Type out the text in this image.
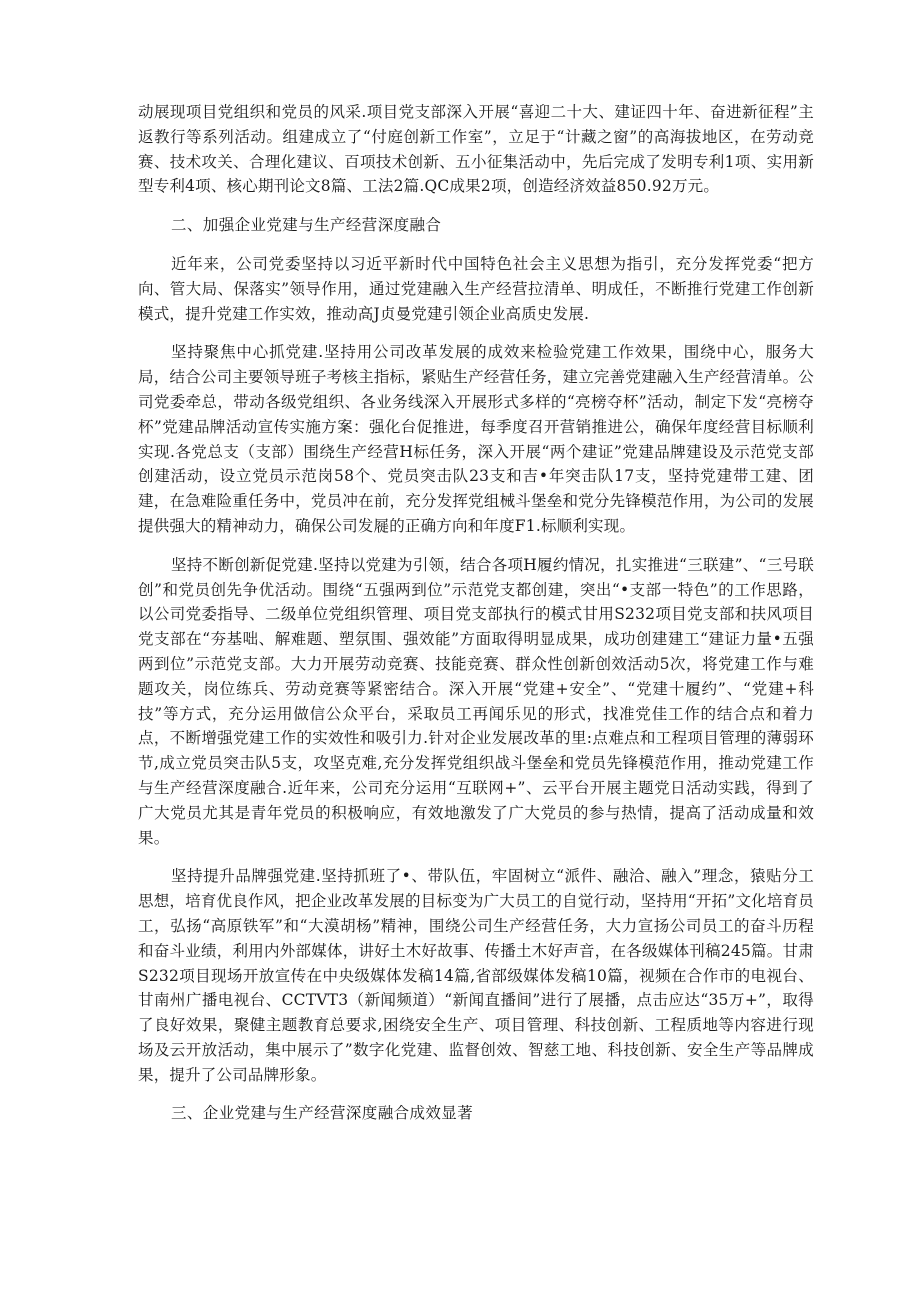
动展现项目党组织和党员的风采.项目党支部深入开展“喜迎二十大、建证四十年、奋进新征程”主返教行等系列活动。组建成立了“付庭创新工作室”，立足于“计藏之窗”的高海拔地区，在劳动竞赛、技术攻关、合理化建议、百项技术创新、五小征集活动中，先后完成了发明专利1项、实用新型专利4项、核心期刊论文8篇、工法2篇.QC成果2项，创造经济效益850.92万元。

二、加强企业党建与生产经营深度融合

近年来，公司党委坚持以习近平新时代中国特色社会主义思想为指引，充分发挥党委“把方向、管大局、保落实”领导作用，通过党建融入生产经营拉清单、明成任，不断推行党建工作创新模式，提升党建工作实效，推动高J贞曼党建引领企业高质史发展.

坚持聚焦中心抓党建.坚持用公司改革发展的成效来检验党建工作效果，围绕中心，服务大局，结合公司主要领导班子考核主指标，紧贴生产经营任务，建立完善党建融入生产经营清单。公司党委牵总，带动各级党组织、各业务线深入开展形式多样的“亮榜夺杯”活动，制定下发“亮榜夺杯”党建品牌活动宣传实施方案：强化台促推进，每季度召开营销推进公，确保年度经营目标顺利实现.各党总支（支部）围绕生产经营H标任务，深入开展“两个建证”党建品牌建设及示范党支部创建活动，设立党员示范岗58个、党员突击队23支和吉•年突击队17支，坚持党建带工建、团建，在急难险重任务中，党员冲在前，充分发挥党组械斗堡垒和党分先锋模范作用，为公司的发展提供强大的精神动力，确保公司发屣的正确方向和年度F1.标顺利实现。

坚持不断创新促党建.坚持以党建为引领，结合各项H履约情况，扎实推进“三联建”、“三号联创”和党员创先争优活动。围绕“五强两到位”示范党支都创建，突出“•支部一特色”的工作思路，以公司党委指导、二级单位党组织管理、项目党支部执行的模式甘用S232项目党支部和扶风项目党支部在“夯基咄、解难题、塑氛围、强效能”方面取得明显成果，成功创建建工“建证力量•五强两到位”示范党支部。大力开展劳动竞赛、技能竞赛、群众性创新创效活动5次，将党建工作与难题攻关，岗位练兵、劳动竞赛等紧密结合。深入开展“党建+安全”、“党建十履约”、“党建+科技”等方式，充分运用做信公众平台，采取员工再闻乐见的形式，找准党佳工作的结合点和着力点，不断增强党建工作的实效性和吸引力.针对企业发展改革的里:点难点和工程项目管理的薄弱环节,成立党员突击队5支，攻坚克难,充分发挥党组织战斗堡垒和党员先锋模范作用，推动党建工作与生产经营深度融合.近年来，公司充分运用“互联网+”、云平台开展主题党日活动实践，得到了广大党员尤其是青年党员的积极响应，有效地激发了广大党员的参与热情，提高了活动成量和效果。

坚持提升品牌强党建.坚持抓班了•、带队伍，牢固树立“派件、融洽、融入”理念，猿贴分工思想，培育优良作风，把企业改革发展的目标变为广大员工的自觉行动，坚持用“开拓”文化培育员工，弘扬“高原铁军”和“大漠胡杨”精神，围绕公司生产经营任务，大力宣扬公司员工的奋斗历程和奋斗业绩，利用内外部媒体，讲好土木好故事、传播土木好声音，在各级媒体刊稿245篇。甘肃S232项目现场开放宣传在中央级媒体发稿14篇,省部级媒体发稿10篇，视频在合作市的电视台、甘南州广播电视台、CCTVT3（新闻频道）“新闻直播间”进行了展播，点击应达“35万+”，取得了良好效果，聚健主题教育总要求,困绕安全生产、项目管理、科技创新、工程质地等内容进行现场及云开放活动，集中展示了”数字化党建、监督创效、智慈工地、科技创新、安全生产等品牌成果，提升了公司品牌形象。

三、企业党建与生产经营深度融合成效显著
